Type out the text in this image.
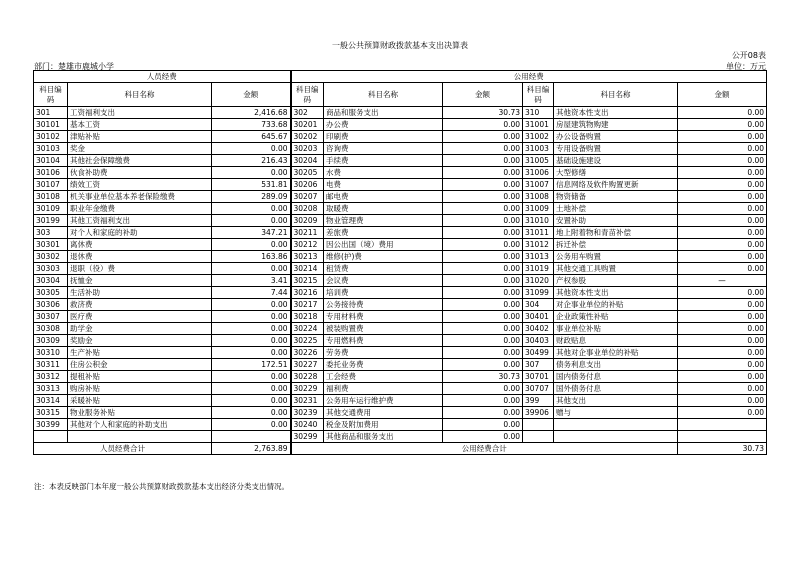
一般公共预算财政拨款基本支出决算表
公开08表
部门：楚雄市鹿城小学	单位：万元
人员经费			公用经费					
科目编码	科目名称	金额	科目编码	科目名称	金额	科目编码	科目名称	金额
301	工资福利支出	2,416.68	302	商品和服务支出	30.73	310	其他资本性支出	0.00
30101	基本工资	733.68	30201	办公费	0.00	31001	房屋建筑物购建	0.00
30102	津贴补贴	645.67	30202	印刷费	0.00	31002	办公设备购置	0.00
30103	奖金	0.00	30203	咨询费	0.00	31003	专用设备购置	0.00
30104	其他社会保障缴费	216.43	30204	手续费	0.00	31005	基础设施建设	0.00
30106	伙食补助费	0.00	30205	水费	0.00	31006	大型修缮	0.00
30107	绩效工资	531.81	30206	电费	0.00	31007	信息网络及软件购置更新	0.00
30108	机关事业单位基本养老保险缴费	289.09	30207	邮电费	0.00	31008	物资储备	0.00
30109	职业年金缴费	0.00	30208	取暖费	0.00	31009	土地补偿	0.00
30199	其他工资福利支出	0.00	30209	物业管理费	0.00	31010	安置补助	0.00
303	对个人和家庭的补助	347.21	30211	差旅费	0.00	31011	地上附着物和青苗补偿	0.00
30301	离休费	0.00	30212	因公出国（境）费用	0.00	31012	拆迁补偿	0.00
30302	退休费	163.86	30213	维修(护)费	0.00	31013	公务用车购置	0.00
30303	退职（役）费	0.00	30214	租赁费	0.00	31019	其他交通工具购置	0.00
30304	抚恤金	3.41	30215	会议费	0.00	31020	产权参股	—
30305	生活补助	7.44	30216	培训费	0.00	31099	其他资本性支出	0.00
30306	救济费	0.00	30217	公务接待费	0.00	304	对企事业单位的补贴	0.00
30307	医疗费	0.00	30218	专用材料费	0.00	30401	企业政策性补贴	0.00
30308	助学金	0.00	30224	被装购置费	0.00	30402	事业单位补贴	0.00
30309	奖励金	0.00	30225	专用燃料费	0.00	30403	财政贴息	0.00
30310	生产补贴	0.00	30226	劳务费	0.00	30499	其他对企事业单位的补贴	0.00
30311	住房公积金	172.51	30227	委托业务费	0.00	307	债务利息支出	0.00
30312	提租补贴	0.00	30228	工会经费	30.73	30701	国内债务付息	0.00
30313	购房补贴	0.00	30229	福利费	0.00	30707	国外债务付息	0.00
30314	采暖补贴	0.00	30231	公务用车运行维护费	0.00	399	其他支出	0.00
30315	物业服务补贴	0.00	30239	其他交通费用	0.00	39906	赠与	0.00
30399	其他对个人和家庭的补助支出	0.00	30240	税金及附加费用	0.00			
			30299	其他商品和服务支出	0.00			
人员经费合计		2,763.89	公用经费合计					30.73
注：本表反映部门本年度一般公共预算财政拨款基本支出经济分类支出情况。
